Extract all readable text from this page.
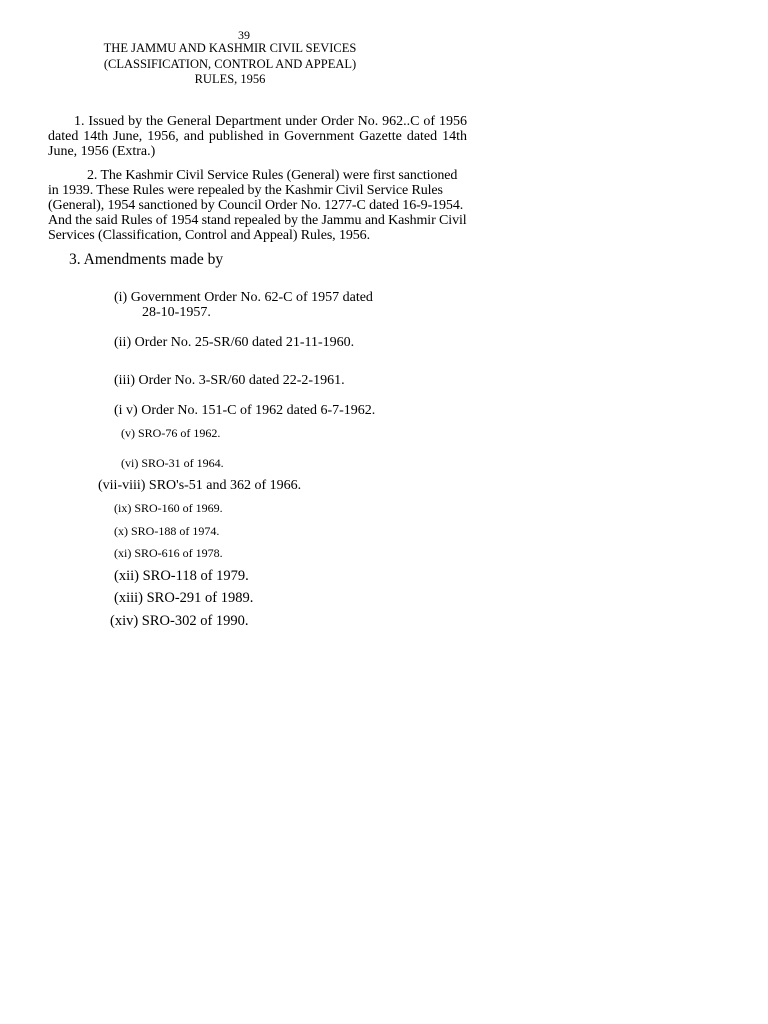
39
THE JAMMU AND KASHMIR CIVIL SEVICES
(CLASSIFICATION, CONTROL AND APPEAL)
RULES, 1956

1. Issued by the General Department under Order No. 962..C of 1956 dated 14th June, 1956, and published in Government Gazette dated 14th June, 1956 (Extra.)

2. The Kashmir Civil Service Rules (General) were first sanctioned in 1939. These Rules were repealed by the Kashmir Civil Service Rules (General), 1954 sanctioned by Council Order No. 1277-C dated 16-9-1954. And the said Rules of 1954 stand repealed by the Jammu and Kashmir Civil Services (Classification, Control and Appeal) Rules, 1956.

3. Amendments made by
(i) Government Order No. 62-C of 1957 dated
28-10-1957.
(ii) Order No. 25-SR/60 dated 21-11-1960.
(iii) Order No. 3-SR/60 dated 22-2-1961.
(i v) Order No. 151-C of 1962 dated 6-7-1962.
(v) SRO-76 of 1962.
(vi) SRO-31 of 1964.
(vii-viii) SRO's-51 and 362 of 1966.
(ix) SRO-160 of 1969.
(x) SRO-188 of 1974.
(xi) SRO-616 of 1978.
(xii) SRO-118 of 1979.
(xiii) SRO-291 of 1989.
(xiv) SRO-302 of 1990.
